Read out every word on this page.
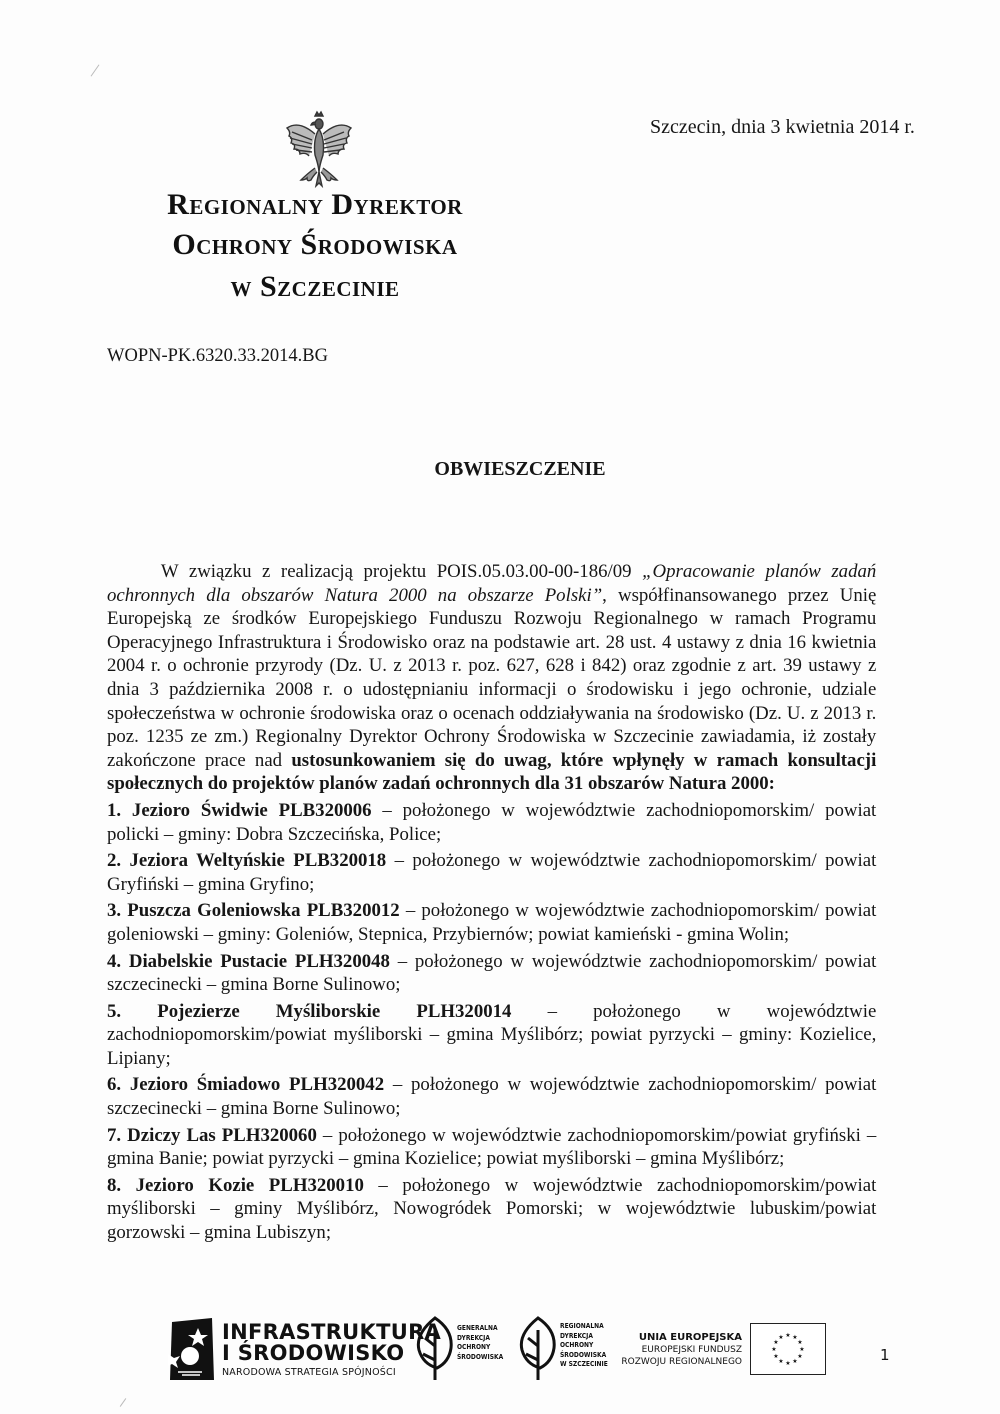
Regionalny Dyrektor
Ochrony Środowiska
w Szczecinie
Szczecin, dnia 3 kwietnia 2014 r.
WOPN-PK.6320.33.2014.BG
OBWIESZCZENIE

W związku z realizacją projektu POIS.05.03.00-00-186/09 „Opracowanie planów zadań ochronnych dla obszarów Natura 2000 na obszarze Polski”, współfinansowanego przez Unię Europejską ze środków Europejskiego Funduszu Rozwoju Regionalnego w ramach Programu Operacyjnego Infrastruktura i Środowisko oraz na podstawie art. 28 ust. 4 ustawy z dnia 16 kwietnia 2004 r. o ochronie przyrody (Dz. U. z 2013 r. poz. 627, 628 i 842) oraz zgodnie z art. 39 ustawy z dnia 3 października 2008 r. o udostępnianiu informacji o środowisku i jego ochronie, udziale społeczeństwa w ochronie środowiska oraz o ocenach oddziaływania na środowisko (Dz. U. z 2013 r. poz. 1235 ze zm.) Regionalny Dyrektor Ochrony Środowiska w Szczecinie zawiadamia, iż zostały zakończone prace nad ustosunkowaniem się do uwag, które wpłynęły w ramach konsultacji społecznych do projektów planów zadań ochronnych dla 31 obszarów Natura 2000:

1. Jezioro Świdwie PLB320006 – położonego w województwie zachodniopomorskim/ powiat policki – gminy: Dobra Szczecińska, Police;

2. Jeziora Weltyńskie PLB320018 – położonego w województwie zachodniopomorskim/ powiat Gryfiński – gmina Gryfino;

3. Puszcza Goleniowska PLB320012 – położonego w województwie zachodniopomorskim/ powiat goleniowski – gminy: Goleniów, Stepnica, Przybiernów; powiat kamieński - gmina Wolin;

4. Diabelskie Pustacie PLH320048 – położonego w województwie zachodniopomorskim/ powiat szczecinecki – gmina Borne Sulinowo;

5. Pojezierze Myśliborskie PLH320014 – położonego w województwie zachodniopomorskim/powiat myśliborski – gmina Myślibórz; powiat pyrzycki – gminy: Kozielice, Lipiany;

6. Jezioro Śmiadowo PLH320042 – położonego w województwie zachodniopomorskim/ powiat szczecinecki – gmina Borne Sulinowo;

7. Dziczy Las PLH320060 – położonego w województwie zachodniopomorskim/powiat gryfiński – gmina Banie; powiat pyrzycki – gmina Kozielice; powiat myśliborski – gmina Myślibórz;

8. Jezioro Kozie PLH320010 – położonego w województwie zachodniopomorskim/powiat myśliborski – gminy Myślibórz, Nowogródek Pomorski; w województwie lubuskim/powiat gorzowski – gmina Lubiszyn;

INFRASTRUKTURA
I ŚRODOWISKO
NARODOWA STRATEGIA SPÓJNOŚCI
GENERALNA
DYREKCJA
OCHRONY
ŚRODOWISKA
REGIONALNA
DYREKCJA
OCHRONY
ŚRODOWISKA
W SZCZECINIE
UNIA EUROPEJSKA
EUROPEJSKI FUNDUSZ
ROZWOJU REGIONALNEGO
★ ★
★
★
★
★
★
★
★
★
★
★
1
